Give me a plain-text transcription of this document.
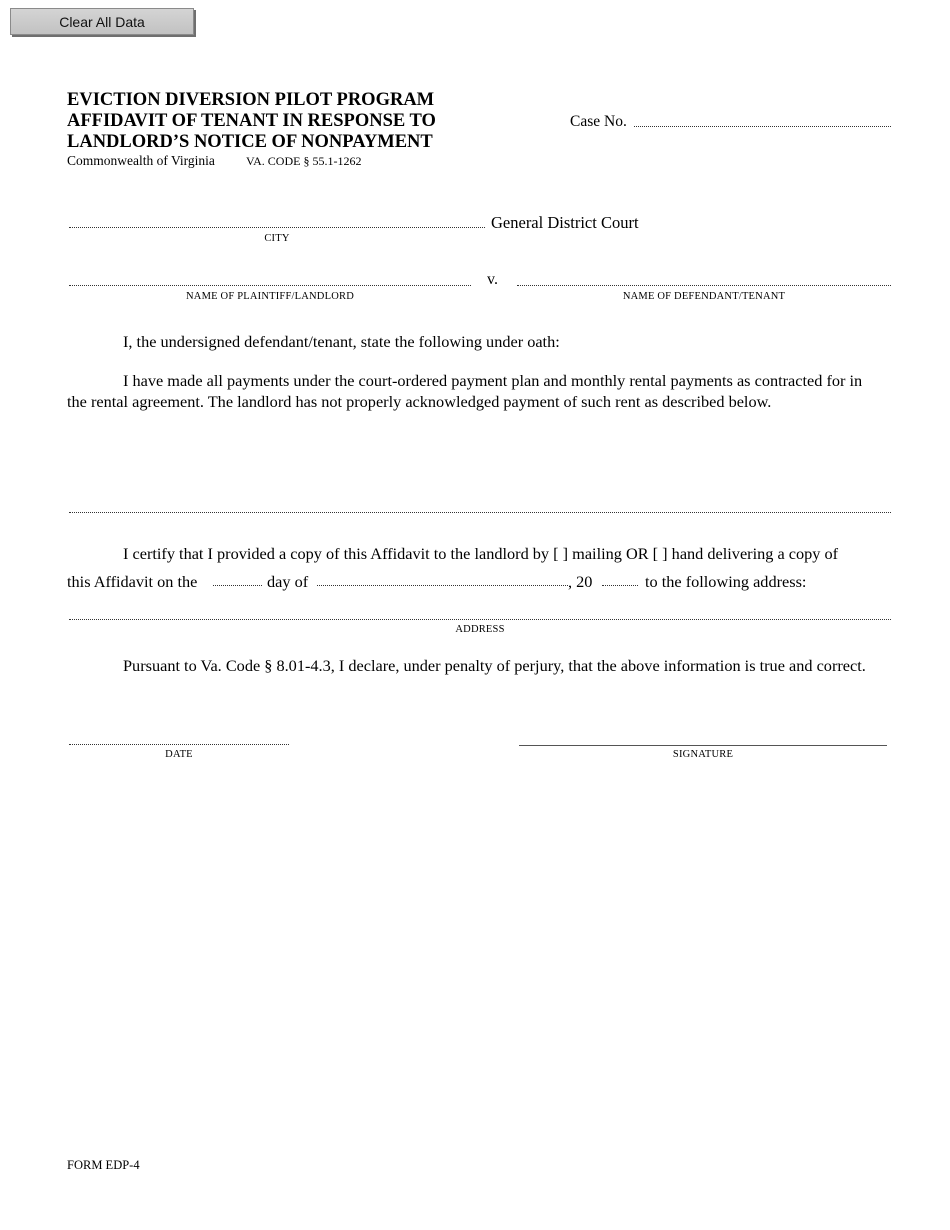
Clear All Data
EVICTION DIVERSION PILOT PROGRAM
AFFIDAVIT OF TENANT IN RESPONSE TO
LANDLORD’S NOTICE OF NONPAYMENT
Commonwealth of Virginia	VA. CODE § 55.1-1262
Case No.
General District Court
CITY
v.
NAME OF PLAINTIFF/LANDLORD	NAME OF DEFENDANT/TENANT
I, the undersigned defendant/tenant, state the following under oath:
I have made all payments under the court-ordered payment plan and monthly rental payments as contracted for in the rental agreement. The landlord has not properly acknowledged payment of such rent as described below.
I certify that I provided a copy of this Affidavit to the landlord by [ ] mailing OR [ ] hand delivering a copy of
this Affidavit on the	day of	, 20	to the following address:
ADDRESS
Pursuant to Va. Code § 8.01-4.3, I declare, under penalty of perjury, that the above information is true and correct.
DATE	SIGNATURE
FORM EDP-4
